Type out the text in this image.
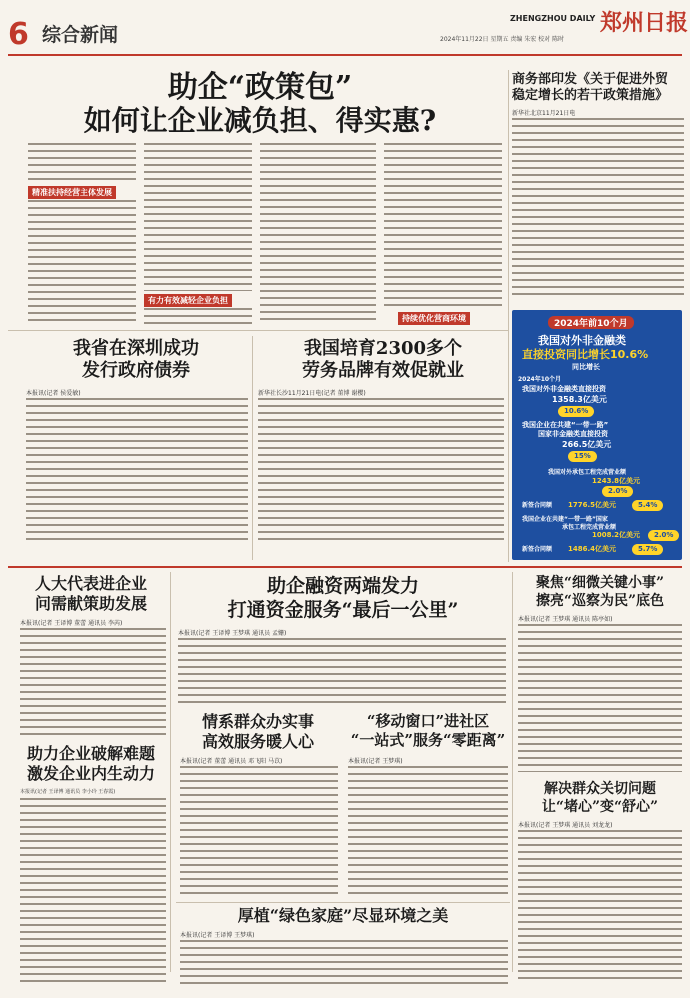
6 综合新闻
ZHENGZHOU DAILY 郑州日报
2024年11月22日 星期五 责编 朱宏 校对 陈时
助企“政策包”
如何让企业减负担、得实惠?
精准扶持经营主体发展
有力有效减轻企业负担
持续优化营商环境
商务部印发《关于促进外贸
稳定增长的若干政策措施》
新华社北京11月21日电
2024年前10个月
我国对外非金融类
直接投资同比增长10.6%
同比增长
2024年10个月
我国对外非金融类直接投资
1358.3亿美元
10.6%
我国企业在共建“一带一路”
国家非金融类直接投资
266.5亿美元
15%
我国对外承包工程完成营业额
1243.8亿美元
2.0%
新签合同额 1776.5亿美元	5.4%
我国企业在共建“一带一路”国家
承包工程完成营业额
1008.2亿美元	2.0%
新签合同额 1486.4亿美元	5.7%
我省在深圳成功
发行政府债券
本报讯(记者 侯爱敏)
我国培育2300多个
劳务品牌有效促就业
新华社长沙11月21日电(记者 董博 谢樱)
人大代表进企业
问需献策助发展
本报讯(记者 王译博 董蕾 通讯员 李芮)
助企融资两端发力
打通资金服务“最后一公里”
本报讯(记者 王译博 王梦琪 通讯员 孟姗)
聚焦“细微关键小事”
擦亮“巡察为民”底色
本报讯(记者 王梦琪 通讯员 陈亭如)
情系群众办实事
高效服务暖人心
本报讯(记者 董蕾 通讯员 邓飞阳 马苡)
“移动窗口”进社区
“一站式”服务“零距离”
本报讯(记者 王梦琪)
助力企业破解难题
激发企业内生动力
本报讯(记者 王译博 通讯员 李小玲 王春霞)	解决群众关切问题
让“堵心”变“舒心”
本报讯(记者 王梦琪 通讯员 刘龙龙)
厚植“绿色家庭”尽显环境之美
本报讯(记者 王译博 王梦琪)
